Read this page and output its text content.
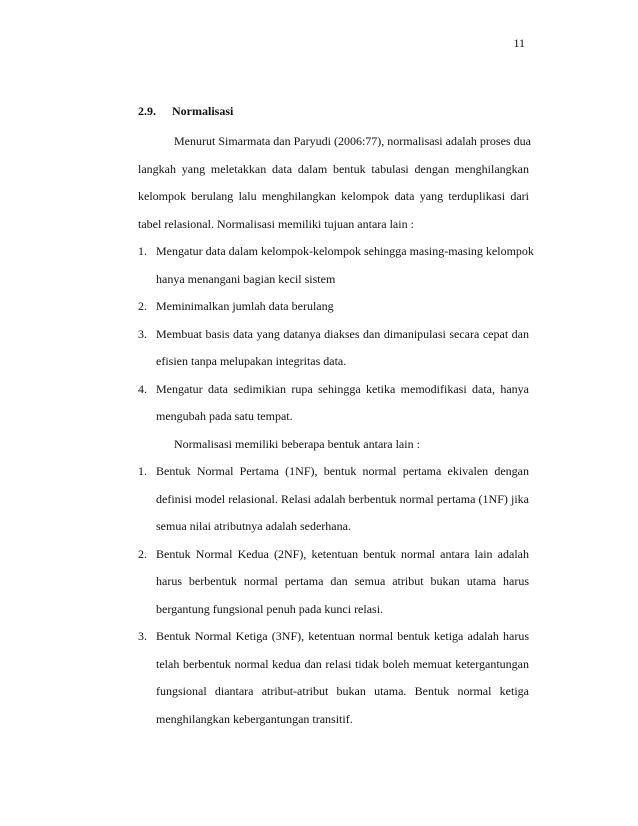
11
2.9. Normalisasi
Menurut Simarmata dan Paryudi (2006:77), normalisasi adalah proses dua
langkah yang meletakkan data dalam bentuk tabulasi dengan menghilangkan
kelompok berulang lalu menghilangkan kelompok data yang terduplikasi dari
tabel relasional. Normalisasi memiliki tujuan antara lain :
1. Mengatur data dalam kelompok-kelompok sehingga masing-masing kelompok
hanya menangani bagian kecil sistem
2. Meminimalkan jumlah data berulang
3. Membuat basis data yang datanya diakses dan dimanipulasi secara cepat dan
efisien tanpa melupakan integritas data.
4. Mengatur data sedimikian rupa sehingga ketika memodifikasi data, hanya
mengubah pada satu tempat.
Normalisasi memiliki beberapa bentuk antara lain :
1. Bentuk Normal Pertama (1NF), bentuk normal pertama ekivalen dengan
definisi model relasional. Relasi adalah berbentuk normal pertama (1NF) jika
semua nilai atributnya adalah sederhana.
2. Bentuk Normal Kedua (2NF), ketentuan bentuk normal antara lain adalah
harus berbentuk normal pertama dan semua atribut bukan utama harus
bergantung fungsional penuh pada kunci relasi.
3. Bentuk Normal Ketiga (3NF), ketentuan normal bentuk ketiga adalah harus
telah berbentuk normal kedua dan relasi tidak boleh memuat ketergantungan
fungsional diantara atribut-atribut bukan utama. Bentuk normal ketiga
menghilangkan kebergantungan transitif.
